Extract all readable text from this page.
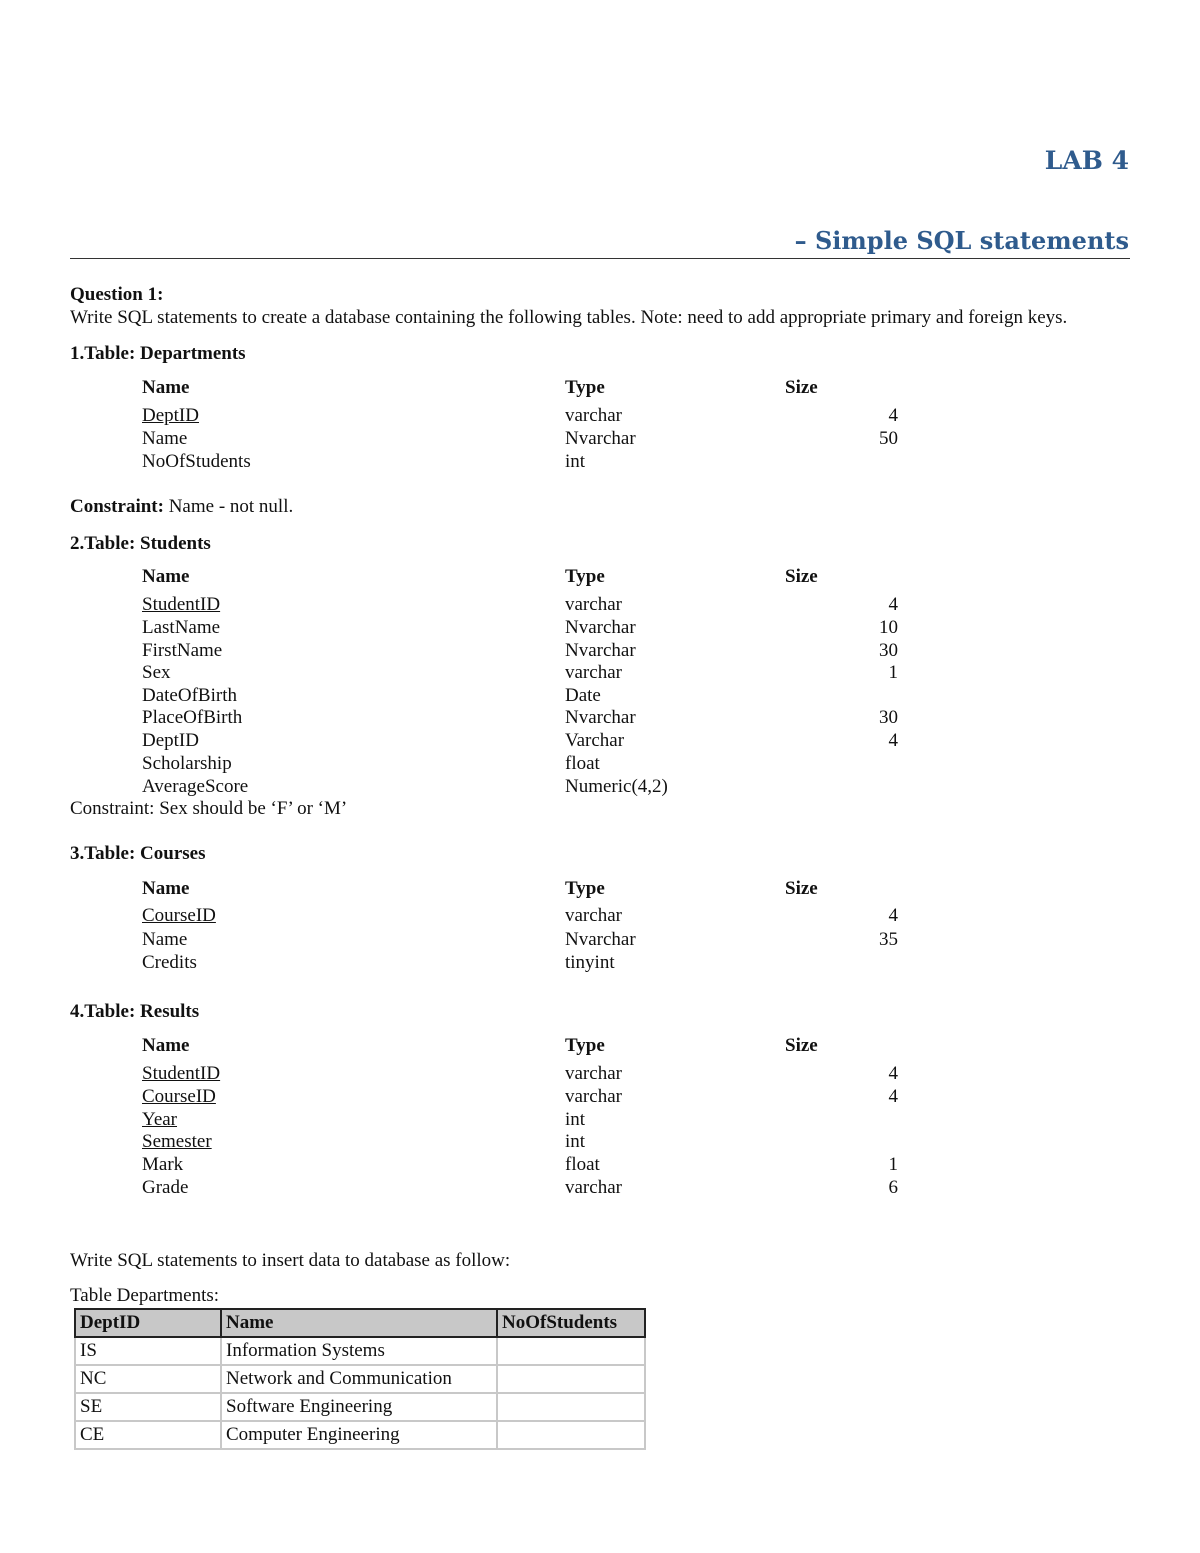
LAB 4
– Simple SQL statements
Question 1:
Write SQL statements to create a database containing the following tables. Note: need to add appropriate primary and foreign keys.
1.Table: Departments
Name	Type	Size
DeptID	varchar	4
Name	Nvarchar	50
NoOfStudents	int
Constraint: Name - not null.
2.Table: Students
Name	Type	Size
StudentID	varchar	4
LastName	Nvarchar	10
FirstName	Nvarchar	30
Sex	varchar	1
DateOfBirth	Date
PlaceOfBirth	Nvarchar	30
DeptID	Varchar	4
Scholarship	float
AverageScore	Numeric(4,2)
Constraint: Sex should be ‘F’ or ‘M’
3.Table: Courses
Name	Type	Size
CourseID	varchar	4
Name	Nvarchar	35
Credits	tinyint
4.Table: Results
Name	Type	Size
StudentID	varchar	4
CourseID	varchar	4
Year	int
Semester	int
Mark	float	1
Grade	varchar	6
Write SQL statements to insert data to database as follow:
Table Departments:
DeptID	Name	NoOfStudents
IS	Information Systems	
NC	Network and Communication	
SE	Software Engineering	
CE	Computer Engineering	
